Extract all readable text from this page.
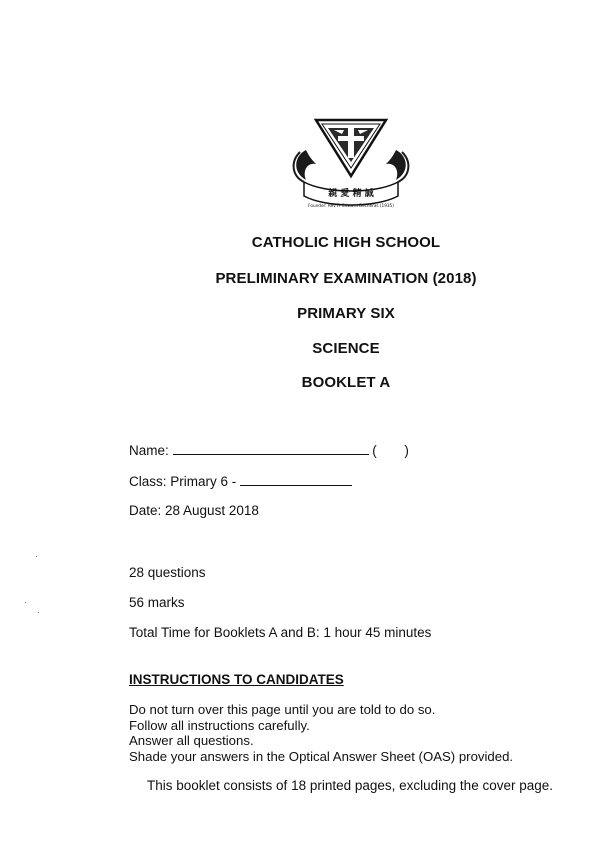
親 愛 精 誠
Founder: Rev Fr Edward Becheras (1935)
CATHOLIC HIGH SCHOOL
PRELIMINARY EXAMINATION (2018)
PRIMARY SIX
SCIENCE
BOOKLET A
Name:	( )
Class: Primary 6 -
Date: 28 August 2018
28 questions
56 marks
Total Time for Booklets A and B: 1 hour 45 minutes
INSTRUCTIONS TO CANDIDATES
Do not turn over this page until you are told to do so.
Follow all instructions carefully.
Answer all questions.
Shade your answers in the Optical Answer Sheet (OAS) provided.
This booklet consists of 18 printed pages, excluding the cover page.
